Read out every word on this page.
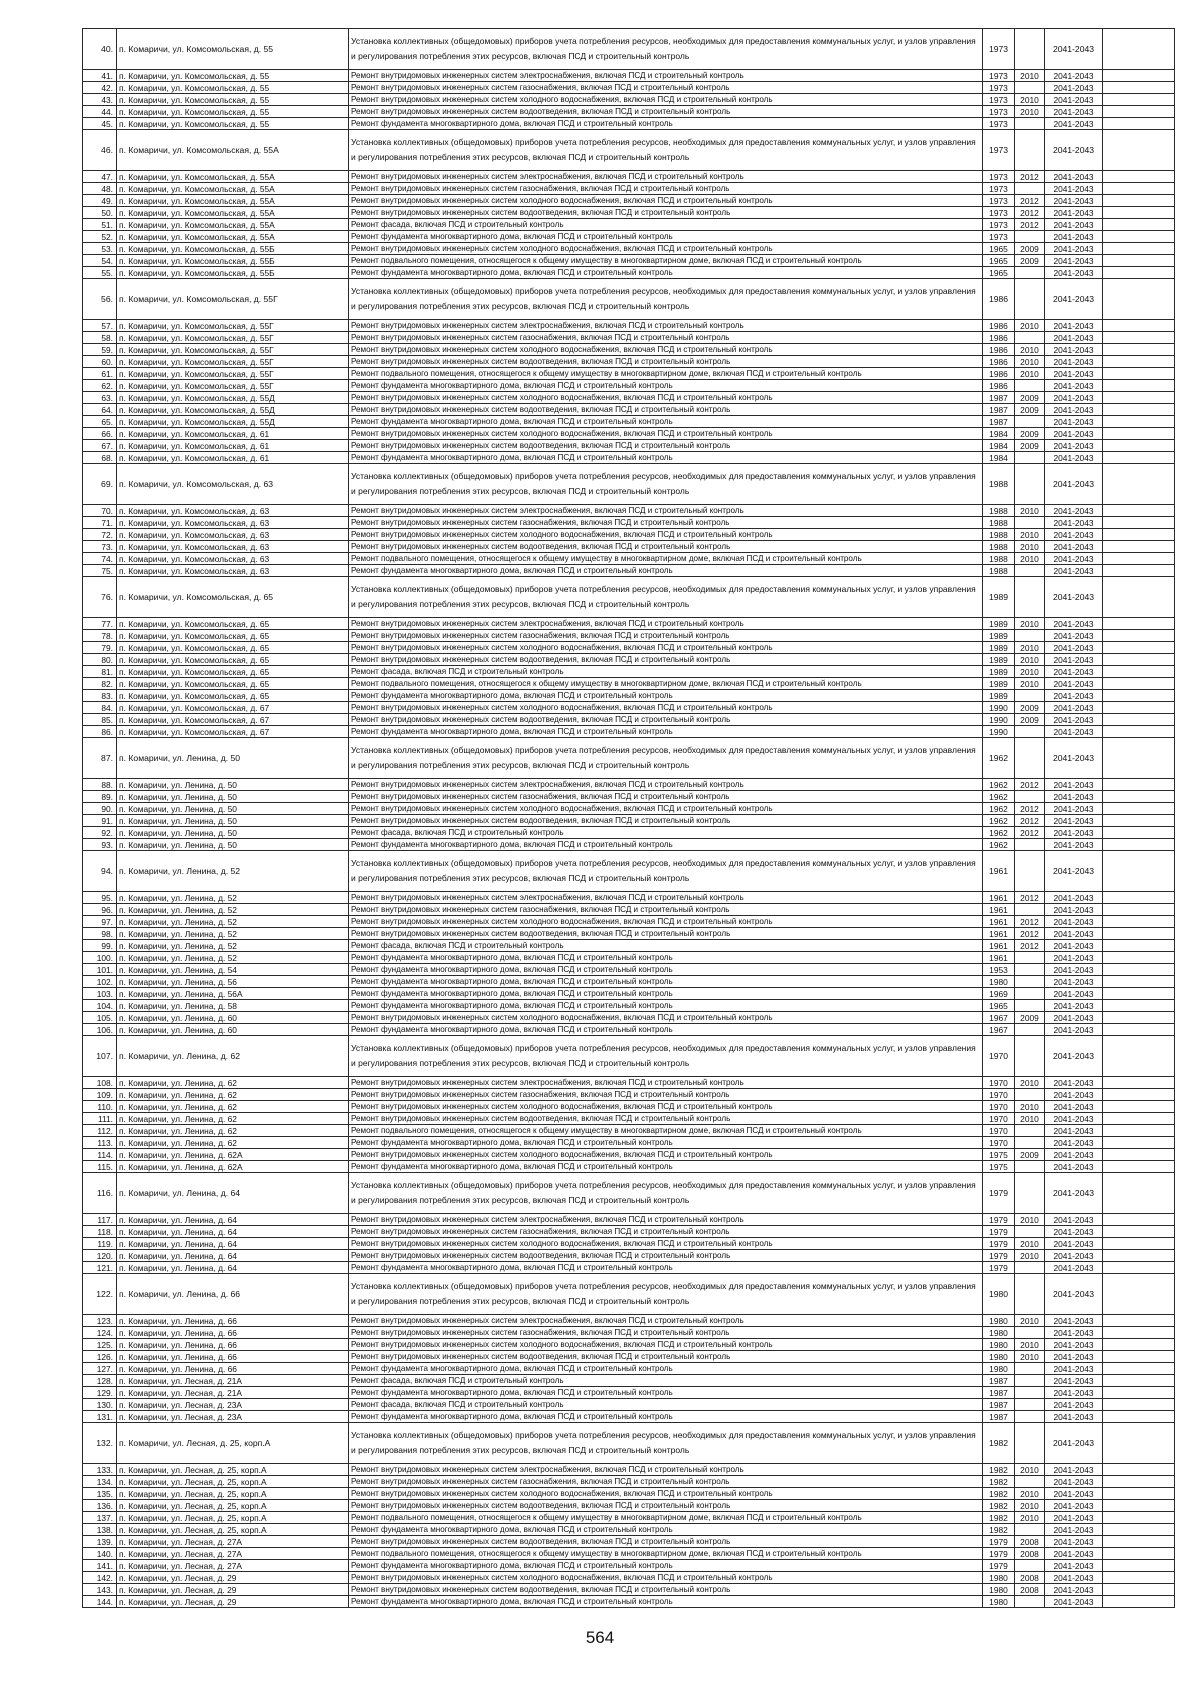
40.	п. Комаричи, ул. Комсомольская, д. 55	Установка коллективных (общедомовых) приборов учета потребления ресурсов, необходимых для предоставления коммунальных услуг, и узлов управления и регулирования потребления этих ресурсов, включая ПСД и строительный контроль	1973		2041-2043	
41.	п. Комаричи, ул. Комсомольская, д. 55	Ремонт внутридомовых инженерных систем электроснабжения, включая ПСД и строительный контроль	1973	2010	2041-2043	
42.	п. Комаричи, ул. Комсомольская, д. 55	Ремонт внутридомовых инженерных систем газоснабжения, включая ПСД и строительный контроль	1973		2041-2043	
43.	п. Комаричи, ул. Комсомольская, д. 55	Ремонт внутридомовых инженерных систем холодного водоснабжения, включая ПСД и строительный контроль	1973	2010	2041-2043	
44.	п. Комаричи, ул. Комсомольская, д. 55	Ремонт внутридомовых инженерных систем водоотведения, включая ПСД и строительный контроль	1973	2010	2041-2043	
45.	п. Комаричи, ул. Комсомольская, д. 55	Ремонт фундамента многоквартирного дома, включая ПСД и строительный контроль	1973		2041-2043	
46.	п. Комаричи, ул. Комсомольская, д. 55А	Установка коллективных (общедомовых) приборов учета потребления ресурсов, необходимых для предоставления коммунальных услуг, и узлов управления и регулирования потребления этих ресурсов, включая ПСД и строительный контроль	1973		2041-2043	
47.	п. Комаричи, ул. Комсомольская, д. 55А	Ремонт внутридомовых инженерных систем электроснабжения, включая ПСД и строительный контроль	1973	2012	2041-2043	
48.	п. Комаричи, ул. Комсомольская, д. 55А	Ремонт внутридомовых инженерных систем газоснабжения, включая ПСД и строительный контроль	1973		2041-2043	
49.	п. Комаричи, ул. Комсомольская, д. 55А	Ремонт внутридомовых инженерных систем холодного водоснабжения, включая ПСД и строительный контроль	1973	2012	2041-2043	
50.	п. Комаричи, ул. Комсомольская, д. 55А	Ремонт внутридомовых инженерных систем водоотведения, включая ПСД и строительный контроль	1973	2012	2041-2043	
51.	п. Комаричи, ул. Комсомольская, д. 55А	Ремонт фасада, включая ПСД и строительный контроль	1973	2012	2041-2043	
52.	п. Комаричи, ул. Комсомольская, д. 55А	Ремонт фундамента многоквартирного дома, включая ПСД и строительный контроль	1973		2041-2043	
53.	п. Комаричи, ул. Комсомольская, д. 55Б	Ремонт внутридомовых инженерных систем холодного водоснабжения, включая ПСД и строительный контроль	1965	2009	2041-2043	
54.	п. Комаричи, ул. Комсомольская, д. 55Б	Ремонт подвального помещения, относящегося к общему имуществу в многоквартирном доме, включая ПСД и строительный контроль	1965	2009	2041-2043	
55.	п. Комаричи, ул. Комсомольская, д. 55Б	Ремонт фундамента многоквартирного дома, включая ПСД и строительный контроль	1965		2041-2043	
56.	п. Комаричи, ул. Комсомольская, д. 55Г	Установка коллективных (общедомовых) приборов учета потребления ресурсов, необходимых для предоставления коммунальных услуг, и узлов управления и регулирования потребления этих ресурсов, включая ПСД и строительный контроль	1986		2041-2043	
57.	п. Комаричи, ул. Комсомольская, д. 55Г	Ремонт внутридомовых инженерных систем электроснабжения, включая ПСД и строительный контроль	1986	2010	2041-2043	
58.	п. Комаричи, ул. Комсомольская, д. 55Г	Ремонт внутридомовых инженерных систем газоснабжения, включая ПСД и строительный контроль	1986		2041-2043	
59.	п. Комаричи, ул. Комсомольская, д. 55Г	Ремонт внутридомовых инженерных систем холодного водоснабжения, включая ПСД и строительный контроль	1986	2010	2041-2043	
60.	п. Комаричи, ул. Комсомольская, д. 55Г	Ремонт внутридомовых инженерных систем водоотведения, включая ПСД и строительный контроль	1986	2010	2041-2043	
61.	п. Комаричи, ул. Комсомольская, д. 55Г	Ремонт подвального помещения, относящегося к общему имуществу в многоквартирном доме, включая ПСД и строительный контроль	1986	2010	2041-2043	
62.	п. Комаричи, ул. Комсомольская, д. 55Г	Ремонт фундамента многоквартирного дома, включая ПСД и строительный контроль	1986		2041-2043	
63.	п. Комаричи, ул. Комсомольская, д. 55Д	Ремонт внутридомовых инженерных систем холодного водоснабжения, включая ПСД и строительный контроль	1987	2009	2041-2043	
64.	п. Комаричи, ул. Комсомольская, д. 55Д	Ремонт внутридомовых инженерных систем водоотведения, включая ПСД и строительный контроль	1987	2009	2041-2043	
65.	п. Комаричи, ул. Комсомольская, д. 55Д	Ремонт фундамента многоквартирного дома, включая ПСД и строительный контроль	1987		2041-2043	
66.	п. Комаричи, ул. Комсомольская, д. 61	Ремонт внутридомовых инженерных систем холодного водоснабжения, включая ПСД и строительный контроль	1984	2009	2041-2043	
67.	п. Комаричи, ул. Комсомольская, д. 61	Ремонт внутридомовых инженерных систем водоотведения, включая ПСД и строительный контроль	1984	2009	2041-2043	
68.	п. Комаричи, ул. Комсомольская, д. 61	Ремонт фундамента многоквартирного дома, включая ПСД и строительный контроль	1984		2041-2043	
69.	п. Комаричи, ул. Комсомольская, д. 63	Установка коллективных (общедомовых) приборов учета потребления ресурсов, необходимых для предоставления коммунальных услуг, и узлов управления и регулирования потребления этих ресурсов, включая ПСД и строительный контроль	1988		2041-2043	
70.	п. Комаричи, ул. Комсомольская, д. 63	Ремонт внутридомовых инженерных систем электроснабжения, включая ПСД и строительный контроль	1988	2010	2041-2043	
71.	п. Комаричи, ул. Комсомольская, д. 63	Ремонт внутридомовых инженерных систем газоснабжения, включая ПСД и строительный контроль	1988		2041-2043	
72.	п. Комаричи, ул. Комсомольская, д. 63	Ремонт внутридомовых инженерных систем холодного водоснабжения, включая ПСД и строительный контроль	1988	2010	2041-2043	
73.	п. Комаричи, ул. Комсомольская, д. 63	Ремонт внутридомовых инженерных систем водоотведения, включая ПСД и строительный контроль	1988	2010	2041-2043	
74.	п. Комаричи, ул. Комсомольская, д. 63	Ремонт подвального помещения, относящегося к общему имуществу в многоквартирном доме, включая ПСД и строительный контроль	1988	2010	2041-2043	
75.	п. Комаричи, ул. Комсомольская, д. 63	Ремонт фундамента многоквартирного дома, включая ПСД и строительный контроль	1988		2041-2043	
76.	п. Комаричи, ул. Комсомольская, д. 65	Установка коллективных (общедомовых) приборов учета потребления ресурсов, необходимых для предоставления коммунальных услуг, и узлов управления и регулирования потребления этих ресурсов, включая ПСД и строительный контроль	1989		2041-2043	
77.	п. Комаричи, ул. Комсомольская, д. 65	Ремонт внутридомовых инженерных систем электроснабжения, включая ПСД и строительный контроль	1989	2010	2041-2043	
78.	п. Комаричи, ул. Комсомольская, д. 65	Ремонт внутридомовых инженерных систем газоснабжения, включая ПСД и строительный контроль	1989		2041-2043	
79.	п. Комаричи, ул. Комсомольская, д. 65	Ремонт внутридомовых инженерных систем холодного водоснабжения, включая ПСД и строительный контроль	1989	2010	2041-2043	
80.	п. Комаричи, ул. Комсомольская, д. 65	Ремонт внутридомовых инженерных систем водоотведения, включая ПСД и строительный контроль	1989	2010	2041-2043	
81.	п. Комаричи, ул. Комсомольская, д. 65	Ремонт фасада, включая ПСД и строительный контроль	1989	2010	2041-2043	
82.	п. Комаричи, ул. Комсомольская, д. 65	Ремонт подвального помещения, относящегося к общему имуществу в многоквартирном доме, включая ПСД и строительный контроль	1989	2010	2041-2043	
83.	п. Комаричи, ул. Комсомольская, д. 65	Ремонт фундамента многоквартирного дома, включая ПСД и строительный контроль	1989		2041-2043	
84.	п. Комаричи, ул. Комсомольская, д. 67	Ремонт внутридомовых инженерных систем холодного водоснабжения, включая ПСД и строительный контроль	1990	2009	2041-2043	
85.	п. Комаричи, ул. Комсомольская, д. 67	Ремонт внутридомовых инженерных систем водоотведения, включая ПСД и строительный контроль	1990	2009	2041-2043	
86.	п. Комаричи, ул. Комсомольская, д. 67	Ремонт фундамента многоквартирного дома, включая ПСД и строительный контроль	1990		2041-2043	
87.	п. Комаричи, ул. Ленина, д. 50	Установка коллективных (общедомовых) приборов учета потребления ресурсов, необходимых для предоставления коммунальных услуг, и узлов управления и регулирования потребления этих ресурсов, включая ПСД и строительный контроль	1962		2041-2043	
88.	п. Комаричи, ул. Ленина, д. 50	Ремонт внутридомовых инженерных систем электроснабжения, включая ПСД и строительный контроль	1962	2012	2041-2043	
89.	п. Комаричи, ул. Ленина, д. 50	Ремонт внутридомовых инженерных систем газоснабжения, включая ПСД и строительный контроль	1962		2041-2043	
90.	п. Комаричи, ул. Ленина, д. 50	Ремонт внутридомовых инженерных систем холодного водоснабжения, включая ПСД и строительный контроль	1962	2012	2041-2043	
91.	п. Комаричи, ул. Ленина, д. 50	Ремонт внутридомовых инженерных систем водоотведения, включая ПСД и строительный контроль	1962	2012	2041-2043	
92.	п. Комаричи, ул. Ленина, д. 50	Ремонт фасада, включая ПСД и строительный контроль	1962	2012	2041-2043	
93.	п. Комаричи, ул. Ленина, д. 50	Ремонт фундамента многоквартирного дома, включая ПСД и строительный контроль	1962		2041-2043	
94.	п. Комаричи, ул. Ленина, д. 52	Установка коллективных (общедомовых) приборов учета потребления ресурсов, необходимых для предоставления коммунальных услуг, и узлов управления и регулирования потребления этих ресурсов, включая ПСД и строительный контроль	1961		2041-2043	
95.	п. Комаричи, ул. Ленина, д. 52	Ремонт внутридомовых инженерных систем электроснабжения, включая ПСД и строительный контроль	1961	2012	2041-2043	
96.	п. Комаричи, ул. Ленина, д. 52	Ремонт внутридомовых инженерных систем газоснабжения, включая ПСД и строительный контроль	1961		2041-2043	
97.	п. Комаричи, ул. Ленина, д. 52	Ремонт внутридомовых инженерных систем холодного водоснабжения, включая ПСД и строительный контроль	1961	2012	2041-2043	
98.	п. Комаричи, ул. Ленина, д. 52	Ремонт внутридомовых инженерных систем водоотведения, включая ПСД и строительный контроль	1961	2012	2041-2043	
99.	п. Комаричи, ул. Ленина, д. 52	Ремонт фасада, включая ПСД и строительный контроль	1961	2012	2041-2043	
100.	п. Комаричи, ул. Ленина, д. 52	Ремонт фундамента многоквартирного дома, включая ПСД и строительный контроль	1961		2041-2043	
101.	п. Комаричи, ул. Ленина, д. 54	Ремонт фундамента многоквартирного дома, включая ПСД и строительный контроль	1953		2041-2043	
102.	п. Комаричи, ул. Ленина, д. 56	Ремонт фундамента многоквартирного дома, включая ПСД и строительный контроль	1980		2041-2043	
103.	п. Комаричи, ул. Ленина, д. 56А	Ремонт фундамента многоквартирного дома, включая ПСД и строительный контроль	1969		2041-2043	
104.	п. Комаричи, ул. Ленина, д. 58	Ремонт фундамента многоквартирного дома, включая ПСД и строительный контроль	1965		2041-2043	
105.	п. Комаричи, ул. Ленина, д. 60	Ремонт внутридомовых инженерных систем холодного водоснабжения, включая ПСД и строительный контроль	1967	2009	2041-2043	
106.	п. Комаричи, ул. Ленина, д. 60	Ремонт фундамента многоквартирного дома, включая ПСД и строительный контроль	1967		2041-2043	
107.	п. Комаричи, ул. Ленина, д. 62	Установка коллективных (общедомовых) приборов учета потребления ресурсов, необходимых для предоставления коммунальных услуг, и узлов управления и регулирования потребления этих ресурсов, включая ПСД и строительный контроль	1970		2041-2043	
108.	п. Комаричи, ул. Ленина, д. 62	Ремонт внутридомовых инженерных систем электроснабжения, включая ПСД и строительный контроль	1970	2010	2041-2043	
109.	п. Комаричи, ул. Ленина, д. 62	Ремонт внутридомовых инженерных систем газоснабжения, включая ПСД и строительный контроль	1970		2041-2043	
110.	п. Комаричи, ул. Ленина, д. 62	Ремонт внутридомовых инженерных систем холодного водоснабжения, включая ПСД и строительный контроль	1970	2010	2041-2043	
111.	п. Комаричи, ул. Ленина, д. 62	Ремонт внутридомовых инженерных систем водоотведения, включая ПСД и строительный контроль	1970	2010	2041-2043	
112.	п. Комаричи, ул. Ленина, д. 62	Ремонт подвального помещения, относящегося к общему имуществу в многоквартирном доме, включая ПСД и строительный контроль	1970		2041-2043	
113.	п. Комаричи, ул. Ленина, д. 62	Ремонт фундамента многоквартирного дома, включая ПСД и строительный контроль	1970		2041-2043	
114.	п. Комаричи, ул. Ленина, д. 62А	Ремонт внутридомовых инженерных систем холодного водоснабжения, включая ПСД и строительный контроль	1975	2009	2041-2043	
115.	п. Комаричи, ул. Ленина, д. 62А	Ремонт фундамента многоквартирного дома, включая ПСД и строительный контроль	1975		2041-2043	
116.	п. Комаричи, ул. Ленина, д. 64	Установка коллективных (общедомовых) приборов учета потребления ресурсов, необходимых для предоставления коммунальных услуг, и узлов управления и регулирования потребления этих ресурсов, включая ПСД и строительный контроль	1979		2041-2043	
117.	п. Комаричи, ул. Ленина, д. 64	Ремонт внутридомовых инженерных систем электроснабжения, включая ПСД и строительный контроль	1979	2010	2041-2043	
118.	п. Комаричи, ул. Ленина, д. 64	Ремонт внутридомовых инженерных систем газоснабжения, включая ПСД и строительный контроль	1979		2041-2043	
119.	п. Комаричи, ул. Ленина, д. 64	Ремонт внутридомовых инженерных систем холодного водоснабжения, включая ПСД и строительный контроль	1979	2010	2041-2043	
120.	п. Комаричи, ул. Ленина, д. 64	Ремонт внутридомовых инженерных систем водоотведения, включая ПСД и строительный контроль	1979	2010	2041-2043	
121.	п. Комаричи, ул. Ленина, д. 64	Ремонт фундамента многоквартирного дома, включая ПСД и строительный контроль	1979		2041-2043	
122.	п. Комаричи, ул. Ленина, д. 66	Установка коллективных (общедомовых) приборов учета потребления ресурсов, необходимых для предоставления коммунальных услуг, и узлов управления и регулирования потребления этих ресурсов, включая ПСД и строительный контроль	1980		2041-2043	
123.	п. Комаричи, ул. Ленина, д. 66	Ремонт внутридомовых инженерных систем электроснабжения, включая ПСД и строительный контроль	1980	2010	2041-2043	
124.	п. Комаричи, ул. Ленина, д. 66	Ремонт внутридомовых инженерных систем газоснабжения, включая ПСД и строительный контроль	1980		2041-2043	
125.	п. Комаричи, ул. Ленина, д. 66	Ремонт внутридомовых инженерных систем холодного водоснабжения, включая ПСД и строительный контроль	1980	2010	2041-2043	
126.	п. Комаричи, ул. Ленина, д. 66	Ремонт внутридомовых инженерных систем водоотведения, включая ПСД и строительный контроль	1980	2010	2041-2043	
127.	п. Комаричи, ул. Ленина, д. 66	Ремонт фундамента многоквартирного дома, включая ПСД и строительный контроль	1980		2041-2043	
128.	п. Комаричи, ул. Лесная, д. 21А	Ремонт фасада, включая ПСД и строительный контроль	1987		2041-2043	
129.	п. Комаричи, ул. Лесная, д. 21А	Ремонт фундамента многоквартирного дома, включая ПСД и строительный контроль	1987		2041-2043	
130.	п. Комаричи, ул. Лесная, д. 23А	Ремонт фасада, включая ПСД и строительный контроль	1987		2041-2043	
131.	п. Комаричи, ул. Лесная, д. 23А	Ремонт фундамента многоквартирного дома, включая ПСД и строительный контроль	1987		2041-2043	
132.	п. Комаричи, ул. Лесная, д. 25, корп.А	Установка коллективных (общедомовых) приборов учета потребления ресурсов, необходимых для предоставления коммунальных услуг, и узлов управления и регулирования потребления этих ресурсов, включая ПСД и строительный контроль	1982		2041-2043	
133.	п. Комаричи, ул. Лесная, д. 25, корп.А	Ремонт внутридомовых инженерных систем электроснабжения, включая ПСД и строительный контроль	1982	2010	2041-2043	
134.	п. Комаричи, ул. Лесная, д. 25, корп.А	Ремонт внутридомовых инженерных систем газоснабжения, включая ПСД и строительный контроль	1982		2041-2043	
135.	п. Комаричи, ул. Лесная, д. 25, корп.А	Ремонт внутридомовых инженерных систем холодного водоснабжения, включая ПСД и строительный контроль	1982	2010	2041-2043	
136.	п. Комаричи, ул. Лесная, д. 25, корп.А	Ремонт внутридомовых инженерных систем водоотведения, включая ПСД и строительный контроль	1982	2010	2041-2043	
137.	п. Комаричи, ул. Лесная, д. 25, корп.А	Ремонт подвального помещения, относящегося к общему имуществу в многоквартирном доме, включая ПСД и строительный контроль	1982	2010	2041-2043	
138.	п. Комаричи, ул. Лесная, д. 25, корп.А	Ремонт фундамента многоквартирного дома, включая ПСД и строительный контроль	1982		2041-2043	
139.	п. Комаричи, ул. Лесная, д. 27А	Ремонт внутридомовых инженерных систем водоотведения, включая ПСД и строительный контроль	1979	2008	2041-2043	
140.	п. Комаричи, ул. Лесная, д. 27А	Ремонт подвального помещения, относящегося к общему имуществу в многоквартирном доме, включая ПСД и строительный контроль	1979	2008	2041-2043	
141.	п. Комаричи, ул. Лесная, д. 27А	Ремонт фундамента многоквартирного дома, включая ПСД и строительный контроль	1979		2041-2043	
142.	п. Комаричи, ул. Лесная, д. 29	Ремонт внутридомовых инженерных систем холодного водоснабжения, включая ПСД и строительный контроль	1980	2008	2041-2043	
143.	п. Комаричи, ул. Лесная, д. 29	Ремонт внутридомовых инженерных систем водоотведения, включая ПСД и строительный контроль	1980	2008	2041-2043	
144.	п. Комаричи, ул. Лесная, д. 29	Ремонт фундамента многоквартирного дома, включая ПСД и строительный контроль	1980		2041-2043	
564
